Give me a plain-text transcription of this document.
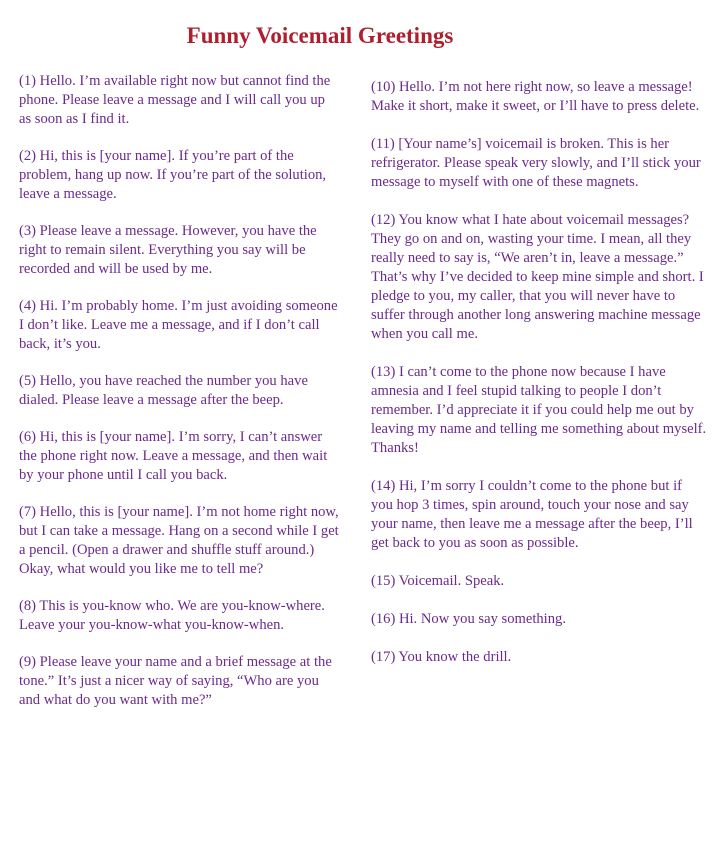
Funny Voicemail Greetings

(1) Hello. I’m available right now but cannot find the phone. Please leave a message and I will call you up as soon as I find it.

(2) Hi, this is [your name]. If you’re part of the problem, hang up now. If you’re part of the solution, leave a message.

(3) Please leave a message. However, you have the right to remain silent. Everything you say will be recorded and will be used by me.

(4) Hi. I’m probably home. I’m just avoiding someone I don’t like. Leave me a message, and if I don’t call back, it’s you.

(5) Hello, you have reached the number you have dialed. Please leave a message after the beep.

(6) Hi, this is [your name]. I’m sorry, I can’t answer the phone right now. Leave a message, and then wait by your phone until I call you back.

(7) Hello, this is [your name]. I’m not home right now, but I can take a message. Hang on a second while I get a pencil. (Open a drawer and shuffle stuff around.) Okay, what would you like me to tell me?

(8) This is you-know who. We are you-know-where. Leave your you-know-what you-know-when.

(9) Please leave your name and a brief message at the tone.” It’s just a nicer way of saying, “Who are you and what do you want with me?”

(10) Hello. I’m not here right now, so leave a message! Make it short, make it sweet, or I’ll have to press delete.

(11) [Your name’s] voicemail is broken. This is her refrigerator. Please speak very slowly, and I’ll stick your message to myself with one of these magnets.

(12) You know what I hate about voicemail messages? They go on and on, wasting your time. I mean, all they really need to say is, “We aren’t in, leave a message.” That’s why I’ve decided to keep mine simple and short. I pledge to you, my caller, that you will never have to suffer through another long answering machine message when you call me.

(13) I can’t come to the phone now because I have amnesia and I feel stupid talking to people I don’t remember. I’d appreciate it if you could help me out by leaving my name and telling me something about myself. Thanks!

(14) Hi, I’m sorry I couldn’t come to the phone but if you hop 3 times, spin around, touch your nose and say your name, then leave me a message after the beep, I’ll get back to you as soon as possible.

(15) Voicemail. Speak.

(16) Hi. Now you say something.

(17) You know the drill.
